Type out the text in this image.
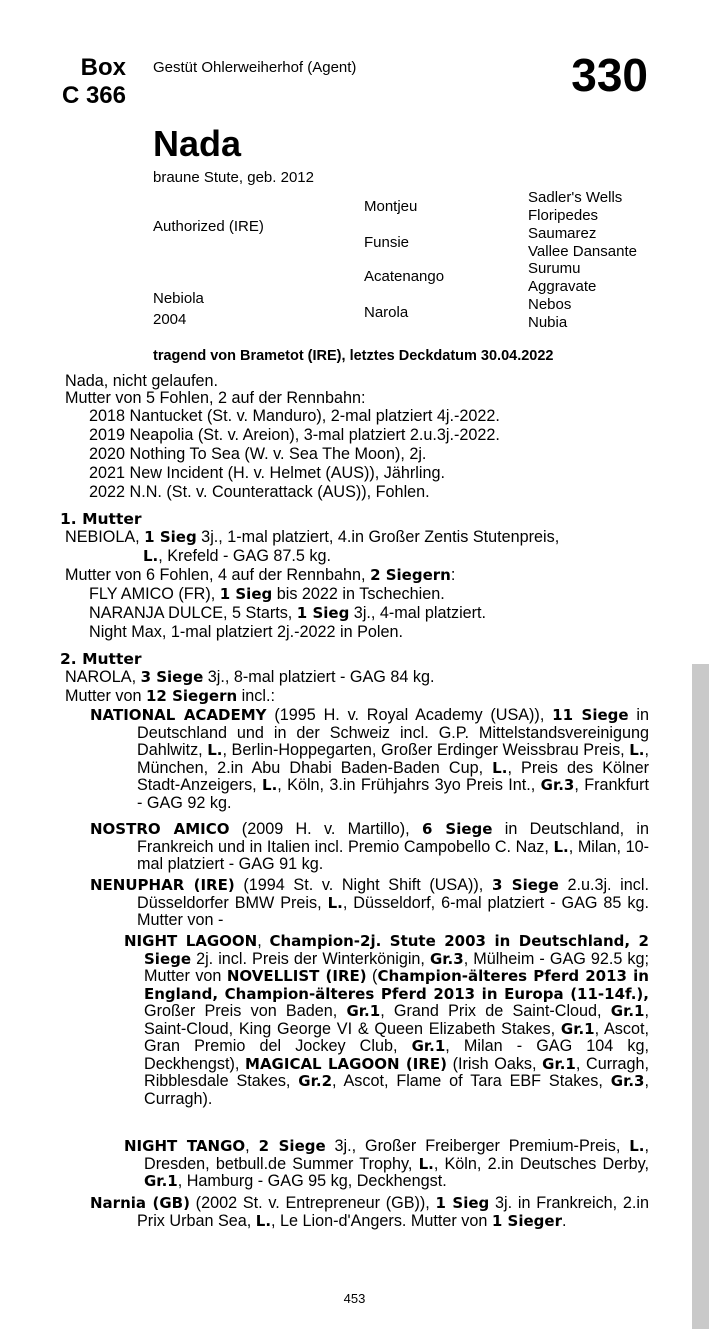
Box
C 366
Gestüt Ohlerweiherhof (Agent)	330
Nada
braune Stute, geb. 2012
Authorized (IRE)
Nebiola
2004
Montjeu
Funsie
Acatenango
Narola
Sadler's Wells
Floripedes
Saumarez
Vallee Dansante
Surumu
Aggravate
Nebos
Nubia
tragend von Brametot (IRE), letztes Deckdatum 30.04.2022
Nada, nicht gelaufen.
Mutter von 5 Fohlen, 2 auf der Rennbahn:
2018 Nantucket (St. v. Manduro), 2-mal platziert 4j.-2022.
2019 Neapolia (St. v. Areion), 3-mal platziert 2.u.3j.-2022.
2020 Nothing To Sea (W. v. Sea The Moon), 2j.
2021 New Incident (H. v. Helmet (AUS)), Jährling.
2022 N.N. (St. v. Counterattack (AUS)), Fohlen.
1. Mutter
NEBIOLA, 1 Sieg 3j., 1-mal platziert, 4.in Großer Zentis Stutenpreis,
L., Krefeld - GAG 87.5 kg.
Mutter von 6 Fohlen, 4 auf der Rennbahn, 2 Siegern:
FLY AMICO (FR), 1 Sieg bis 2022 in Tschechien.
NARANJA DULCE, 5 Starts, 1 Sieg 3j., 4-mal platziert.
Night Max, 1-mal platziert 2j.-2022 in Polen.
2. Mutter
NAROLA, 3 Siege 3j., 8-mal platziert - GAG 84 kg.
Mutter von 12 Siegern incl.:
NATIONAL ACADEMY (1995 H. v. Royal Academy (USA)), 11 Siege in Deutschland und in der Schweiz incl. G.P. Mittelstandsvereinigung Dahlwitz, L., Berlin-Hoppegarten, Großer Erdinger Weissbrau Preis, L., München, 2.in Abu Dhabi Baden-Baden Cup, L., Preis des Kölner Stadt-Anzeigers, L., Köln, 3.in Frühjahrs 3yo Preis Int., Gr.3, Frankfurt - GAG 92 kg.
NOSTRO AMICO (2009 H. v. Martillo), 6 Siege in Deutschland, in Frankreich und in Italien incl. Premio Campobello C. Naz, L., Milan, 10-mal platziert - GAG 91 kg.
NENUPHAR (IRE) (1994 St. v. Night Shift (USA)), 3 Siege 2.u.3j. incl. Düsseldorfer BMW Preis, L., Düsseldorf, 6-mal platziert - GAG 85 kg. Mutter von -
NIGHT LAGOON, Champion-2j. Stute 2003 in Deutschland, 2 Siege 2j. incl. Preis der Winterkönigin, Gr.3, Mülheim - GAG 92.5 kg; Mutter von NOVELLIST (IRE) (Champion-älteres Pferd 2013 in England, Champion-älteres Pferd 2013 in Europa (11-14f.), Großer Preis von Baden, Gr.1, Grand Prix de Saint-Cloud, Gr.1, Saint-Cloud, King George VI & Queen Elizabeth Stakes, Gr.1, Ascot, Gran Premio del Jockey Club, Gr.1, Milan - GAG 104 kg, Deckhengst), MAGICAL LAGOON (IRE) (Irish Oaks, Gr.1, Curragh, Ribblesdale Stakes, Gr.2, Ascot, Flame of Tara EBF Stakes, Gr.3, Curragh).
NIGHT TANGO, 2 Siege 3j., Großer Freiberger Premium-Preis, L., Dresden, betbull.de Summer Trophy, L., Köln, 2.in Deutsches Derby, Gr.1, Hamburg - GAG 95 kg, Deckhengst.
Narnia (GB) (2002 St. v. Entrepreneur (GB)), 1 Sieg 3j. in Frankreich, 2.in Prix Urban Sea, L., Le Lion-d'Angers. Mutter von 1 Sieger.
453
